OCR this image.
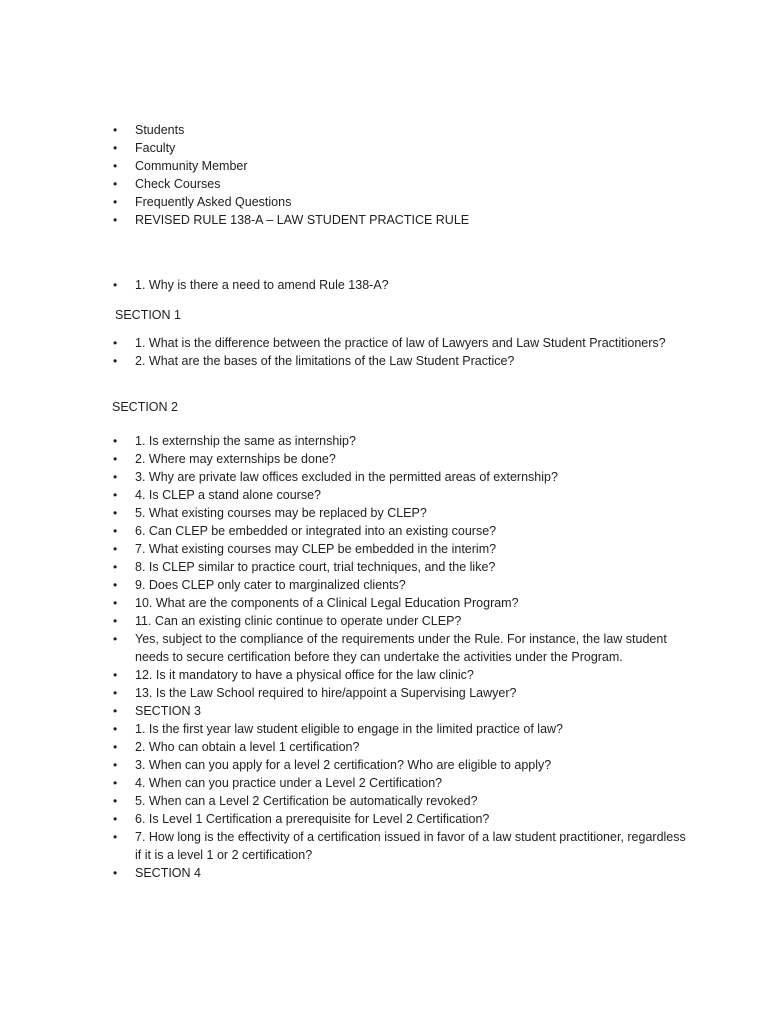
•	Students
•	Faculty
•	Community Member
•	Check Courses
•	Frequently Asked Questions
•	REVISED RULE 138-A – LAW STUDENT PRACTICE RULE
•	1. Why is there a need to amend Rule 138-A?
SECTION 1
•	1. What is the difference between the practice of law of Lawyers and Law Student Practitioners?
•	2. What are the bases of the limitations of the Law Student Practice?
SECTION 2
•	1. Is externship the same as internship?
•	2. Where may externships be done?
•	3. Why are private law offices excluded in the permitted areas of externship?
•	4. Is CLEP a stand alone course?
•	5. What existing courses may be replaced by CLEP?
•	6. Can CLEP be embedded or integrated into an existing course?
•	7. What existing courses may CLEP be embedded in the interim?
•	8. Is CLEP similar to practice court, trial techniques, and the like?
•	9. Does CLEP only cater to marginalized clients?
•	10. What are the components of a Clinical Legal Education Program?
•	11. Can an existing clinic continue to operate under CLEP?
•	Yes, subject to the compliance of the requirements under the Rule. For instance, the law student needs to secure certification before they can undertake the activities under the Program.
•	12. Is it mandatory to have a physical office for the law clinic?
•	13. Is the Law School required to hire/appoint a Supervising Lawyer?
•	SECTION 3
•	1. Is the first year law student eligible to engage in the limited practice of law?
•	2. Who can obtain a level 1 certification?
•	3. When can you apply for a level 2 certification? Who are eligible to apply?
•	4. When can you practice under a Level 2 Certification?
•	5. When can a Level 2 Certification be automatically revoked?
•	6. Is Level 1 Certification a prerequisite for Level 2 Certification?
•	7. How long is the effectivity of a certification issued in favor of a law student practitioner, regardless if it is a level 1 or 2 certification?
•	SECTION 4
